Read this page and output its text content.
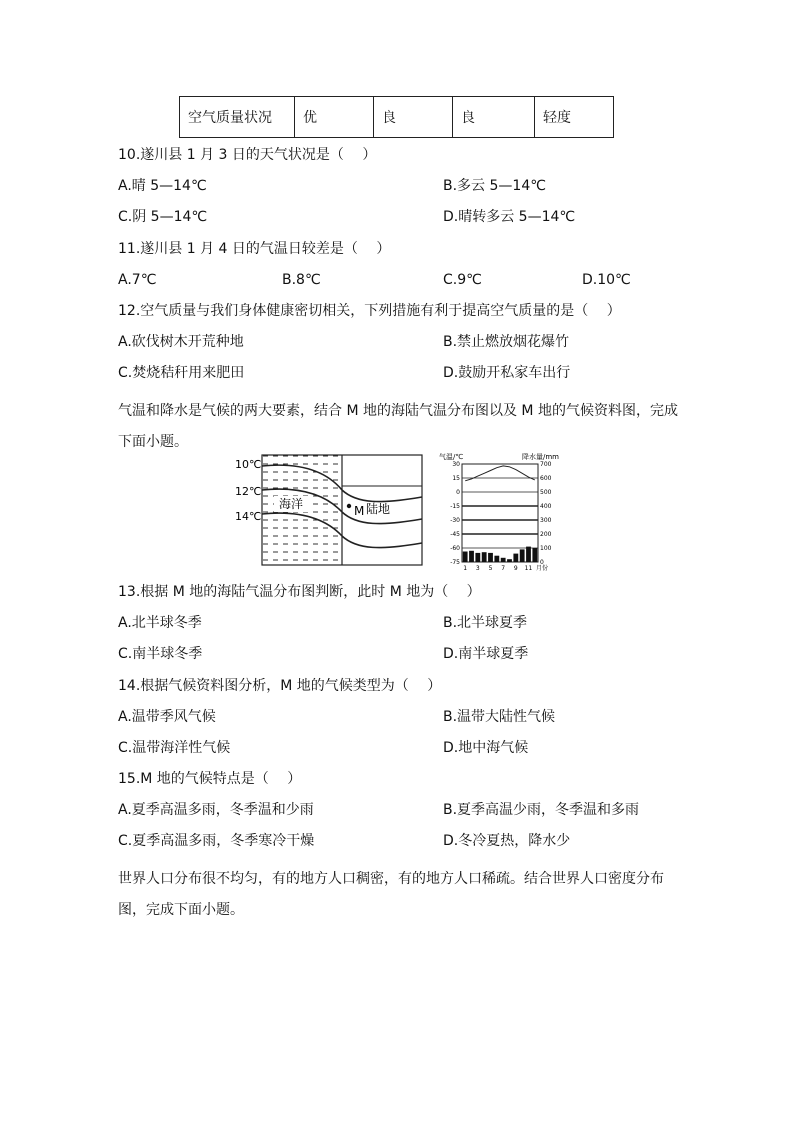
空气质量状况	优	良	良	轻度
10.遂川县 1 月 3 日的天气状况是（　 ）
A.晴 5—14℃	B.多云 5—14℃
C.阴 5—14℃	D.晴转多云 5—14℃
11.遂川县 1 月 4 日的气温日较差是（　 ）
A.7℃	B.8℃	C.9℃	D.10℃
12.空气质量与我们身体健康密切相关，下列措施有利于提高空气质量的是（　 ）
A.砍伐树木开荒种地	B.禁止燃放烟花爆竹
C.焚烧秸秆用来肥田	D.鼓励开私家车出行
气温和降水是气候的两大要素，结合 M 地的海陆气温分布图以及 M 地的气候资料图，完成下面小题。
10℃
12℃
14℃
海洋	M 陆地
气温/℃	降水量/mm
30
15
0
-15
-30
-45
-60
-75
700
600
500
400
300
200
100
0
1 3 5 7 9 11 月份
13.根据 M 地的海陆气温分布图判断，此时 M 地为（　 ）
A.北半球冬季	B.北半球夏季
C.南半球冬季	D.南半球夏季
14.根据气候资料图分析，M 地的气候类型为（　 ）
A.温带季风气候	B.温带大陆性气候
C.温带海洋性气候	D.地中海气候
15.M 地的气候特点是（　 ）
A.夏季高温多雨，冬季温和少雨	B.夏季高温少雨，冬季温和多雨
C.夏季高温多雨，冬季寒冷干燥	D.冬冷夏热，降水少
世界人口分布很不均匀，有的地方人口稠密，有的地方人口稀疏。结合世界人口密度分布图，完成下面小题。
